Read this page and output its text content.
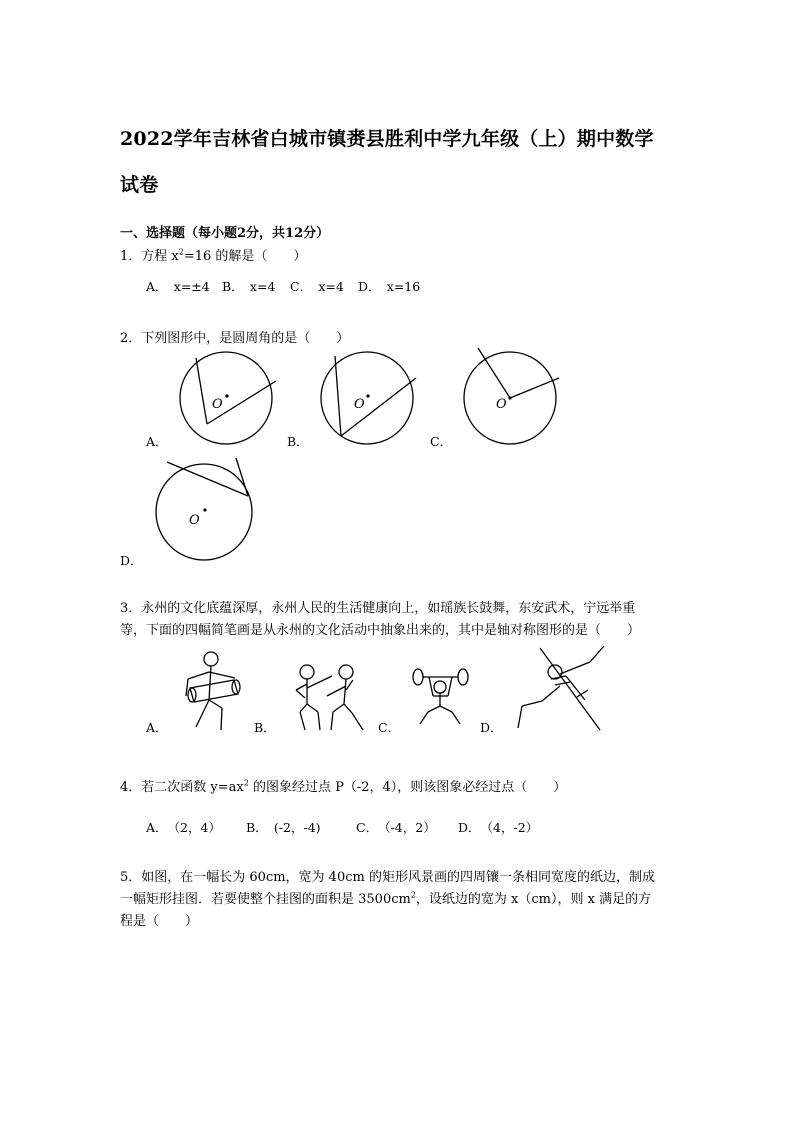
2022学年吉林省白城市镇赉县胜利中学九年级（上）期中数学
试卷
一、选择题（每小题2分，共12分）
1．方程 $x^2=16$ 的解是（　　）
A．　x=±4 B．　x=4 C．　x=4 D．　x=16
2．下列图形中，是圆周角的是（　　）
O	O	O
O
A．	B．	C．
D．
3．永州的文化底蕴深厚，永州人民的生活健康向上，如瑶族长鼓舞，东安武术，宁远举重
等，下面的四幅简笔画是从永州的文化活动中抽象出来的，其中是轴对称图形的是（　　）
A．	B．	C．	D．
4．若二次函数 $y=ax^2$ 的图象经过点 P（-2，4），则该图象必经过点（　　）
A．　（2，4） B．　(-2，-4)	C．　（-4，2） D．　（4，-2）
5．如图，在一幅长为 60cm，宽为 40cm 的矩形风景画的四周镶一条相同宽度的纸边，制成
一幅矩形挂图．若要使整个挂图的面积是 $3500cm^2$，设纸边的宽为 x（cm），则 x 满足的方
程是（　　）
